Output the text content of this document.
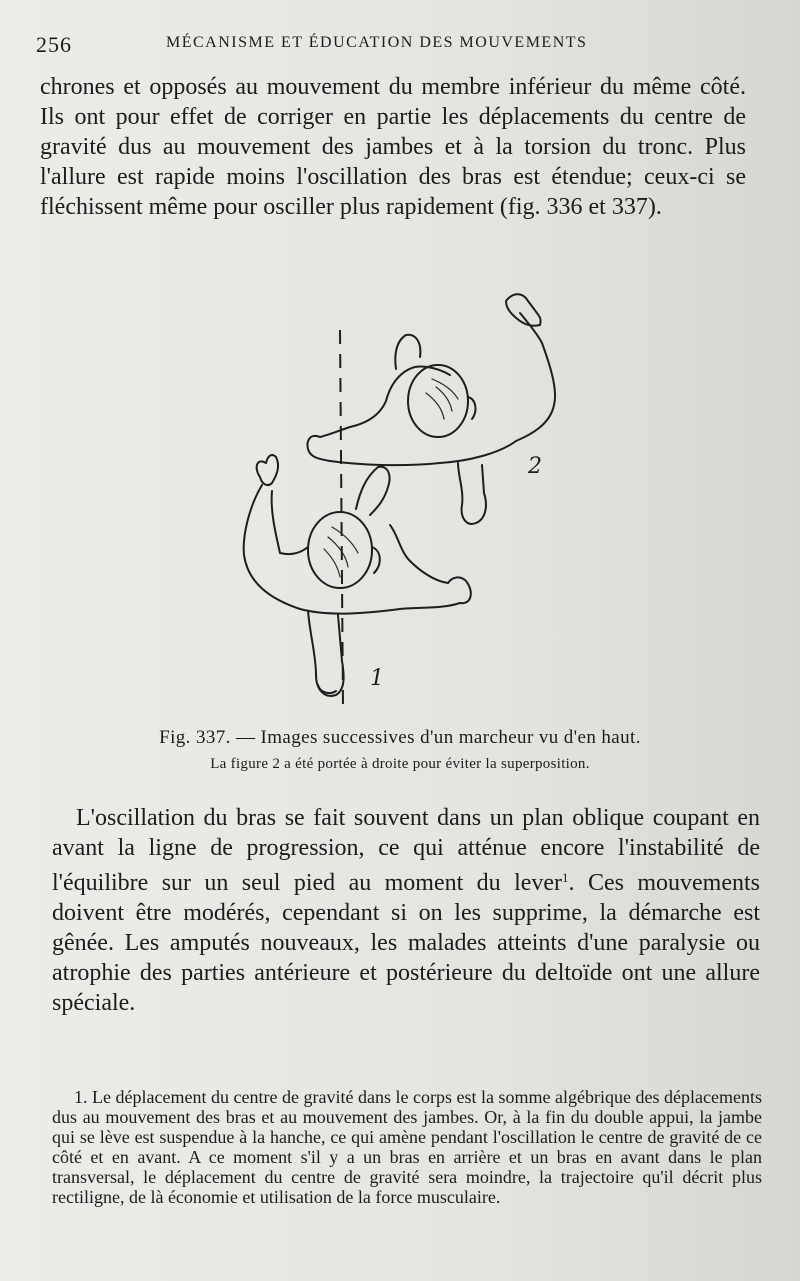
256	MÉCANISME ET ÉDUCATION DES MOUVEMENTS

chrones et opposés au mouvement du membre inférieur du même côté. Ils ont pour effet de corriger en partie les déplacements du centre de gravité dus au mouvement des jambes et à la torsion du tronc. Plus l'allure est rapide moins l'oscillation des bras est étendue; ceux-ci se fléchissent même pour osciller plus rapidement (fig. 336 et 337).

2
1

Fig. 337. — Images successives d'un marcheur vu d'en haut.

La figure 2 a été portée à droite pour éviter la superposition.

L'oscillation du bras se fait souvent dans un plan oblique coupant en avant la ligne de progression, ce qui atténue encore l'instabilité de l'équilibre sur un seul pied au moment du lever$^1$. Ces mouvements doivent être modérés, cependant si on les supprime, la démarche est gênée. Les amputés nouveaux, les malades atteints d'une paralysie ou atrophie des parties antérieure et postérieure du deltoïde ont une allure spéciale.

1. Le déplacement du centre de gravité dans le corps est la somme algébrique des déplacements dus au mouvement des bras et au mouvement des jambes. Or, à la fin du double appui, la jambe qui se lève est suspendue à la hanche, ce qui amène pendant l'oscillation le centre de gravité de ce côté et en avant. A ce moment s'il y a un bras en arrière et un bras en avant dans le plan transversal, le déplacement du centre de gravité sera moindre, la trajectoire qu'il décrit plus rectiligne, de là économie et utilisation de la force musculaire.
